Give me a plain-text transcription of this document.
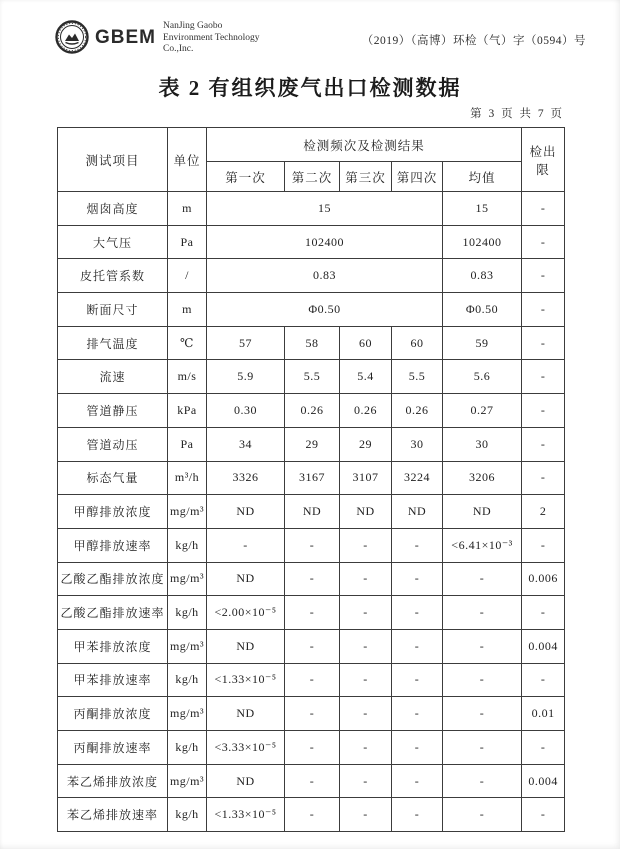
GBEM
NanJing Gaobo
Environment Technology
Co.,Inc.
（2019）（高博）环检（气）字（0594）号
表 2 有组织废气出口检测数据
第 3 页 共 7 页
测试项目	单位	检测频次及检测结果					检出限
		第一次	第二次	第三次	第四次	均值	
烟囱高度	m	15				15	-
大气压	Pa	102400				102400	-
皮托管系数	/	0.83				0.83	-
断面尺寸	m	Φ0.50				Φ0.50	-
排气温度	℃	57	58	60	60	59	-
流速	m/s	5.9	5.5	5.4	5.5	5.6	-
管道静压	kPa	0.30	0.26	0.26	0.26	0.27	-
管道动压	Pa	34	29	29	30	30	-
标态气量	m³/h	3326	3167	3107	3224	3206	-
甲醇排放浓度	mg/m³	ND	ND	ND	ND	ND	2
甲醇排放速率	kg/h	-	-	-	-	<6.41×10⁻³	-
乙酸乙酯排放浓度	mg/m³	ND	-	-	-	-	0.006
乙酸乙酯排放速率	kg/h	<2.00×10⁻⁵	-	-	-	-	-
甲苯排放浓度	mg/m³	ND	-	-	-	-	0.004
甲苯排放速率	kg/h	<1.33×10⁻⁵	-	-	-	-	-
丙酮排放浓度	mg/m³	ND	-	-	-	-	0.01
丙酮排放速率	kg/h	<3.33×10⁻⁵	-	-	-	-	-
苯乙烯排放浓度	mg/m³	ND	-	-	-	-	0.004
苯乙烯排放速率	kg/h	<1.33×10⁻⁵	-	-	-	-	-
